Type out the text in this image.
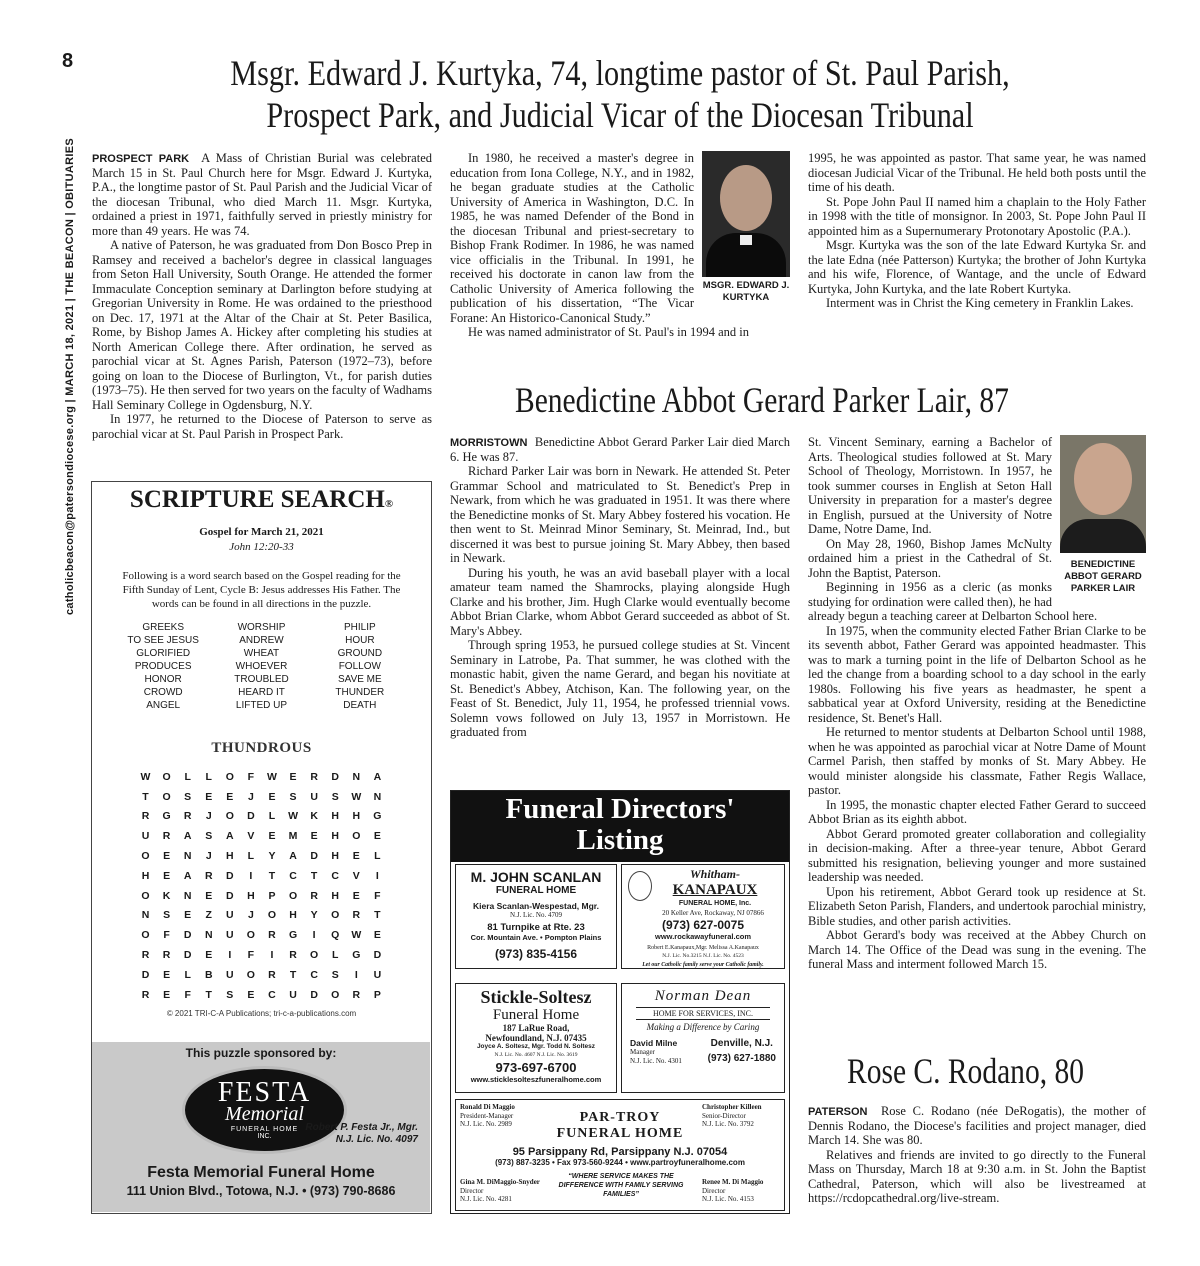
8
catholicbeacon@patersondiocese.org | MARCH 18, 2021 | THE BEACON | OBITUARIES
Msgr. Edward J. Kurtyka, 74, longtime pastor of St. Paul Parish,
Prospect Park, and Judicial Vicar of the Diocesan Tribunal

PROSPECT PARK A Mass of Christian Burial was celebrated March 15 in St. Paul Church here for Msgr. Edward J. Kurtyka, P.A., the longtime pastor of St. Paul Parish and the Judicial Vicar of the diocesan Tribunal, who died March 11. Msgr. Kurtyka, ordained a priest in 1971, faithfully served in priestly ministry for more than 49 years. He was 74.

A native of Paterson, he was graduated from Don Bosco Prep in Ramsey and received a bachelor's degree in classical languages from Seton Hall University, South Orange. He attended the former Immaculate Conception seminary at Darlington before studying at Gregorian University in Rome. He was ordained to the priesthood on Dec. 17, 1971 at the Altar of the Chair at St. Peter Basilica, Rome, by Bishop James A. Hickey after completing his studies at North American College there. After ordination, he served as parochial vicar at St. Agnes Parish, Paterson (1972–73), before going on loan to the Diocese of Burlington, Vt., for parish duties (1973–75). He then served for two years on the faculty of Wadhams Hall Seminary College in Ogdensburg, N.Y.

In 1977, he returned to the Diocese of Paterson to serve as parochial vicar at St. Paul Parish in Prospect Park.

MSGR. EDWARD J. KURTYKA

In 1980, he received a master's degree in education from Iona College, N.Y., and in 1982, he began graduate studies at the Catholic University of America in Washington, D.C. In 1985, he was named Defender of the Bond in the diocesan Tribunal and priest-secretary to Bishop Frank Rodimer. In 1986, he was named vice officialis in the Tribunal. In 1991, he received his doctorate in canon law from the Catholic University of America following the publication of his dissertation, “The Vicar Forane: An Historico-Canonical Study.”

He was named administrator of St. Paul's in 1994 and in

1995, he was appointed as pastor. That same year, he was named diocesan Judicial Vicar of the Tribunal. He held both posts until the time of his death.

St. Pope John Paul II named him a chaplain to the Holy Father in 1998 with the title of monsignor. In 2003, St. Pope John Paul II appointed him as a Supernumerary Protonotary Apostolic (P.A.).

Msgr. Kurtyka was the son of the late Edward Kurtyka Sr. and the late Edna (née Patterson) Kurtyka; the brother of John Kurtyka and his wife, Florence, of Wantage, and the uncle of Edward Kurtyka, John Kurtyka, and the late Robert Kurtyka.

Interment was in Christ the King cemetery in Franklin Lakes.

Benedictine Abbot Gerard Parker Lair, 87

MORRISTOWN Benedictine Abbot Gerard Parker Lair died March 6. He was 87.

Richard Parker Lair was born in Newark. He attended St. Peter Grammar School and matriculated to St. Benedict's Prep in Newark, from which he was graduated in 1951. It was there where the Benedictine monks of St. Mary Abbey fostered his vocation. He then went to St. Meinrad Minor Seminary, St. Meinrad, Ind., but discerned it was best to pursue joining St. Mary Abbey, then based in Newark.

During his youth, he was an avid baseball player with a local amateur team named the Shamrocks, playing alongside Hugh Clarke and his brother, Jim. Hugh Clarke would eventually become Abbot Brian Clarke, whom Abbot Gerard succeeded as abbot of St. Mary's Abbey.

Through spring 1953, he pursued college studies at St. Vincent Seminary in Latrobe, Pa. That summer, he was clothed with the monastic habit, given the name Gerard, and began his novitiate at St. Benedict's Abbey, Atchison, Kan. The following year, on the Feast of St. Benedict, July 11, 1954, he professed triennial vows. Solemn vows followed on July 13, 1957 in Morristown. He graduated from

BENEDICTINE ABBOT GERARD PARKER LAIR

St. Vincent Seminary, earning a Bachelor of Arts. Theological studies followed at St. Mary School of Theology, Morristown. In 1957, he took summer courses in English at Seton Hall University in preparation for a master's degree in English, pursued at the University of Notre Dame, Notre Dame, Ind.

On May 28, 1960, Bishop James McNulty ordained him a priest in the Cathedral of St. John the Baptist, Paterson.

Beginning in 1956 as a cleric (as monks studying for ordination were called then), he had already begun a teaching career at Delbarton School here.

In 1975, when the community elected Father Brian Clarke to be its seventh abbot, Father Gerard was appointed headmaster. This was to mark a turning point in the life of Delbarton School as he led the change from a boarding school to a day school in the early 1980s. Following his five years as headmaster, he spent a sabbatical year at Oxford University, residing at the Benedictine residence, St. Benet's Hall.

He returned to mentor students at Delbarton School until 1988, when he was appointed as parochial vicar at Notre Dame of Mount Carmel Parish, then staffed by monks of St. Mary Abbey. He would minister alongside his classmate, Father Regis Wallace, pastor.

In 1995, the monastic chapter elected Father Gerard to succeed Abbot Brian as its eighth abbot.

Abbot Gerard promoted greater collaboration and collegiality in decision-making. After a three-year tenure, Abbot Gerard submitted his resignation, believing younger and more sustained leadership was needed.

Upon his retirement, Abbot Gerard took up residence at St. Elizabeth Seton Parish, Flanders, and undertook parochial ministry, Bible studies, and other parish activities.

Abbot Gerard's body was received at the Abbey Church on March 14. The Office of the Dead was sung in the evening. The funeral Mass and interment followed March 15.

Rose C. Rodano, 80

PATERSON Rose C. Rodano (née DeRogatis), the mother of Dennis Rodano, the Diocese's facilities and project manager, died March 14. She was 80.

Relatives and friends are invited to go directly to the Funeral Mass on Thursday, March 18 at 9:30 a.m. in St. John the Baptist Cathedral, Paterson, which will also be livestreamed at https://rcdopcathedral.org/live-stream.

SCRIPTURE SEARCH®
Gospel for March 21, 2021
John 12:20-33
Following is a word search based on the Gospel reading for the Fifth Sunday of Lent, Cycle B: Jesus addresses His Father. The words can be found in all directions in the puzzle.
GREEKS	WORSHIP	PHILIP
TO SEE JESUS	ANDREW	HOUR
GLORIFIED	WHEAT	GROUND
PRODUCES	WHOEVER	FOLLOW
HONOR	TROUBLED	SAVE ME
CROWD	HEARD IT	THUNDER
ANGEL	LIFTED UP	DEATH
THUNDROUS
W	O	L	L	O	F	W	E	R	D	N	A
T	O	S	E	E	J	E	S	U	S	W	N
R	G	R	J	O	D	L	W	K	H	H	G
U	R	A	S	A	V	E	M	E	H	O	E
O	E	N	J	H	L	Y	A	D	H	E	L
H	E	A	R	D	I	T	C	T	C	V	I
O	K	N	E	D	H	P	O	R	H	E	F
N	S	E	Z	U	J	O	H	Y	O	R	T
O	F	D	N	U	O	R	G	I	Q	W	E
R	R	D	E	I	F	I	R	O	L	G	D
D	E	L	B	U	O	R	T	C	S	I	U
R	E	F	T	S	E	C	U	D	O	R	P
© 2021 TRI-C-A Publications; tri-c-a-publications.com
This puzzle sponsored by:
FESTA
Memorial
FUNERAL HOME
INC.
Robert P. Festa Jr., Mgr.
N.J. Lic. No. 4097
Festa Memorial Funeral Home
111 Union Blvd., Totowa, N.J. • (973) 790-8686
Funeral Directors'
Listing
M. JOHN SCANLAN
FUNERAL HOME
Kiera Scanlan-Wespestad, Mgr.
N.J. Lic. No. 4709
81 Turnpike at Rte. 23
Cor. Mountain Ave. • Pompton Plains
(973) 835-4156
Whitham-
KANAPAUX
FUNERAL HOME, Inc.
20 Keller Ave, Rockaway, NJ 07866
(973) 627-0075
www.rockawayfuneral.com
Robert E.Kanapaux,Mgr. Melissa A.Kanapaux
N.J. Lic. No.3215 N.J. Lic. No. 4523
Let our Catholic family serve your Catholic family.
Stickle-Soltesz
Funeral Home
187 LaRue Road,
Newfoundland, N.J. 07435
Joyce A. Soltesz, Mgr. Todd N. Soltesz
N.J. Lic. No. 4607 N.J. Lic. No. 3619
973-697-6700
www.sticklesolteszfuneralhome.com
Norman Dean
HOME FOR SERVICES, INC.
Making a Difference by Caring
David Milne
Manager
N.J. Lic. No. 4301
Denville, N.J.
(973) 627-1880
Ronald Di Maggio
President-Manager
N.J. Lic. No. 2989
Christopher Killeen
Senior-Director
N.J. Lic. No. 3792
PAR-TROY
FUNERAL HOME
95 Parsippany Rd, Parsippany N.J. 07054
(973) 887-3235 • Fax 973-560-9244 • www.partroyfuneralhome.com
Gina M. DiMaggio-Snyder
Director
N.J. Lic. No. 4281
“WHERE SERVICE MAKES THE DIFFERENCE WITH FAMILY SERVING FAMILIES”
Renee M. Di Maggio
Director
N.J. Lic. No. 4153
